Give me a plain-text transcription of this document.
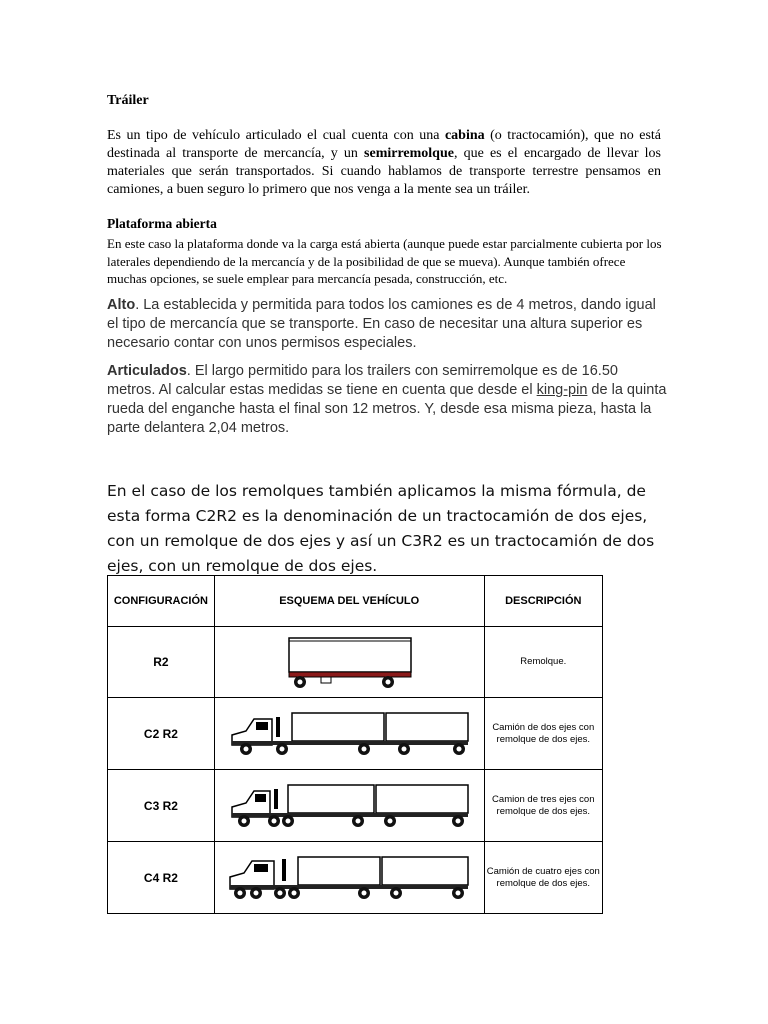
Tráiler

Es un tipo de vehículo articulado el cual cuenta con una cabina (o tractocamión), que no está destinada al transporte de mercancía, y un semirremolque, que es el encargado de llevar los materiales que serán transportados. Si cuando hablamos de transporte terrestre pensamos en camiones, a buen seguro lo primero que nos venga a la mente sea un tráiler.

Plataforma abierta

En este caso la plataforma donde va la carga está abierta (aunque puede estar parcialmente cubierta por los laterales dependiendo de la mercancía y de la posibilidad de que se mueva). Aunque también ofrece muchas opciones, se suele emplear para mercancía pesada, construcción, etc.

Alto. La establecida y permitida para todos los camiones es de 4 metros, dando igual el tipo de mercancía que se transporte. En caso de necesitar una altura superior es necesario contar con unos permisos especiales.

Articulados. El largo permitido para los trailers con semirremolque es de 16.50 metros. Al calcular estas medidas se tiene en cuenta que desde el king-pin de la quinta rueda del enganche hasta el final son 12 metros. Y, desde esa misma pieza, hasta la parte delantera 2,04 metros.

En el caso de los remolques también aplicamos la misma fórmula, de esta forma C2R2 es la denominación de un tractocamión de dos ejes, con un remolque de dos ejes y así un C3R2 es un tractocamión de dos ejes, con un remolque de dos ejes.

CONFIGURACIÓN	ESQUEMA DEL VEHÍCULO	DESCRIPCIÓN
R2		Remolque.

C2 R2		Camión de dos ejes con
remolque de dos ejes.

C3 R2		Camion de tres ejes con
remolque de dos ejes.

C4 R2		Camión de cuatro ejes con
remolque de dos ejes.
